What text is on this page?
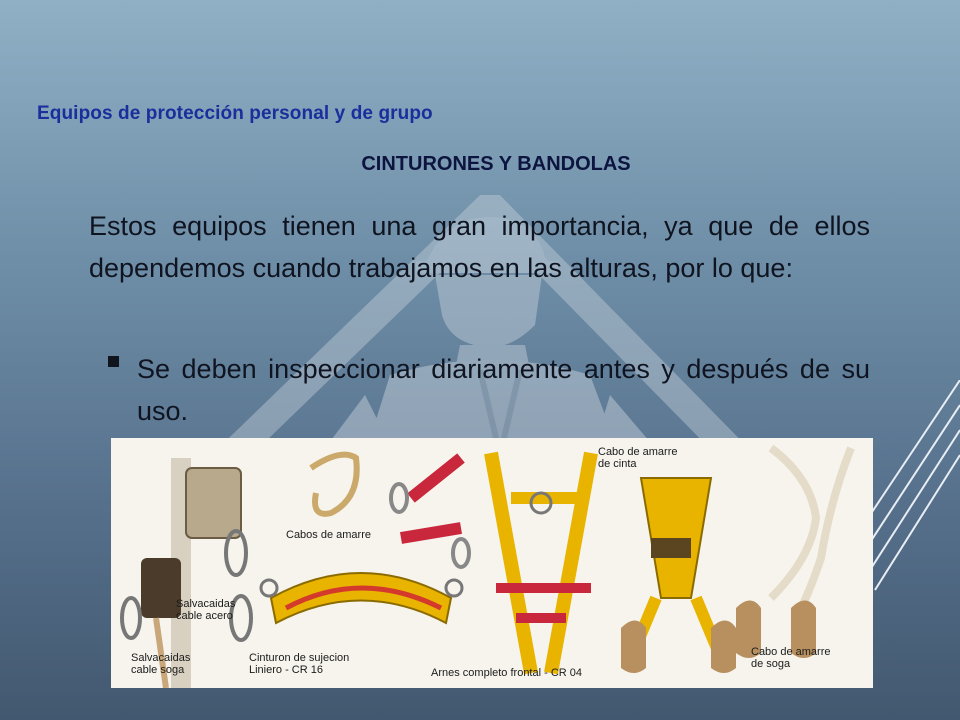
Equipos de protección personal y de grupo
CINTURONES Y BANDOLAS
Estos equipos tienen una gran importancia, ya que de ellos dependemos cuando trabajamos en las alturas, por lo que:
Se deben inspeccionar diariamente antes y después de su uso.
Cabo de amarre
de cinta
Cabos de amarre
Salvacaidas
cable acero
Salvacaidas
cable soga
Cinturon de sujecion
Liniero - CR 16	Arnes completo frontal - CR 04
Cabo de amarre
de soga
